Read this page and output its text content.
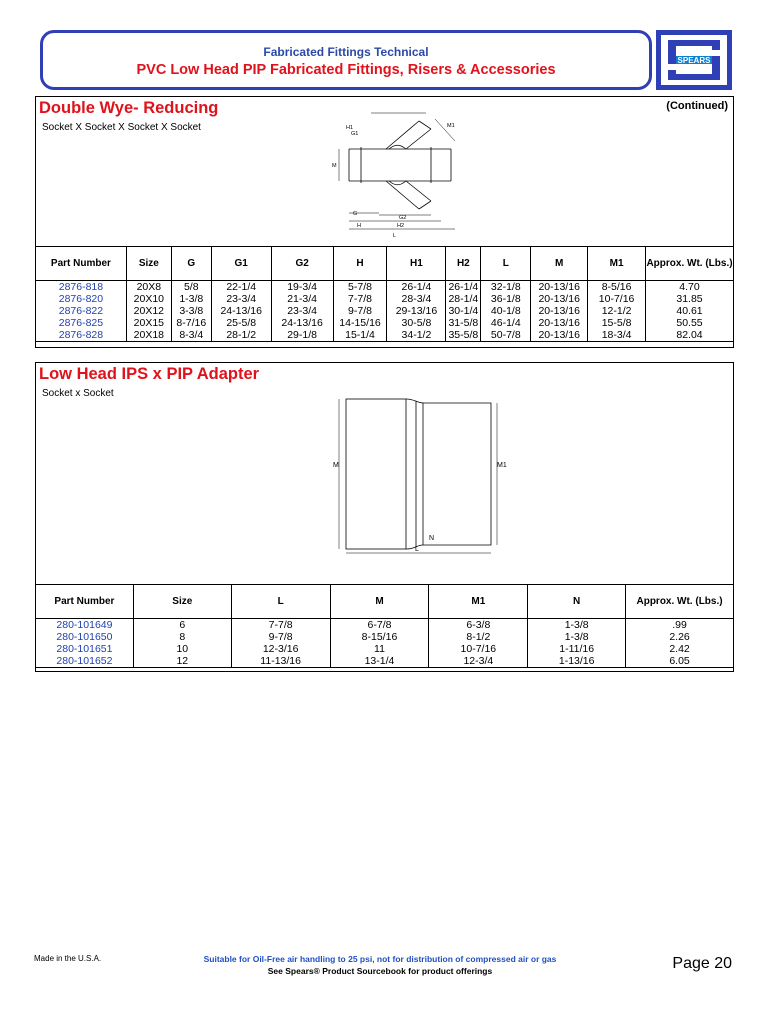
Fabricated Fittings Technical
PVC Low Head PIP Fabricated Fittings, Risers & Accessories
SPEARS
Double Wye- Reducing
Socket X Socket X Socket X Socket
(Continued)
H1
G1
M1
M
G
G2
H	H2
L
Part Number	Size	G	G1	G2	H	H1	H2	L	M	M1	Approx. Wt. (Lbs.)
2876-818	20X8	5/8	22-1/4	19-3/4	5-7/8	26-1/4	26-1/4	32-1/8	20-13/16	8-5/16	4.70
2876-820	20X10	1-3/8	23-3/4	21-3/4	7-7/8	28-3/4	28-1/4	36-1/8	20-13/16	10-7/16	31.85
2876-822	20X12	3-3/8	24-13/16	23-3/4	9-7/8	29-13/16	30-1/4	40-1/8	20-13/16	12-1/2	40.61
2876-825	20X15	8-7/16	25-5/8	24-13/16	14-15/16	30-5/8	31-5/8	46-1/4	20-13/16	15-5/8	50.55
2876-828	20X18	8-3/4	28-1/2	29-1/8	15-1/4	34-1/2	35-5/8	50-7/8	20-13/16	18-3/4	82.04
Low Head IPS x PIP Adapter
Socket x Socket
M	M1
N
L
Part Number	Size	L	M	M1	N	Approx. Wt. (Lbs.)
280-101649	6	7-7/8	6-7/8	6-3/8	1-3/8	.99
280-101650	8	9-7/8	8-15/16	8-1/2	1-3/8	2.26
280-101651	10	12-3/16	11	10-7/16	1-11/16	2.42
280-101652	12	11-13/16	13-1/4	12-3/4	1-13/16	6.05
Made in the U.S.A.	Suitable for Oil-Free air handling to 25 psi, not for distribution of compressed air or gas
See Spears® Product Sourcebook for product offerings	Page 20
